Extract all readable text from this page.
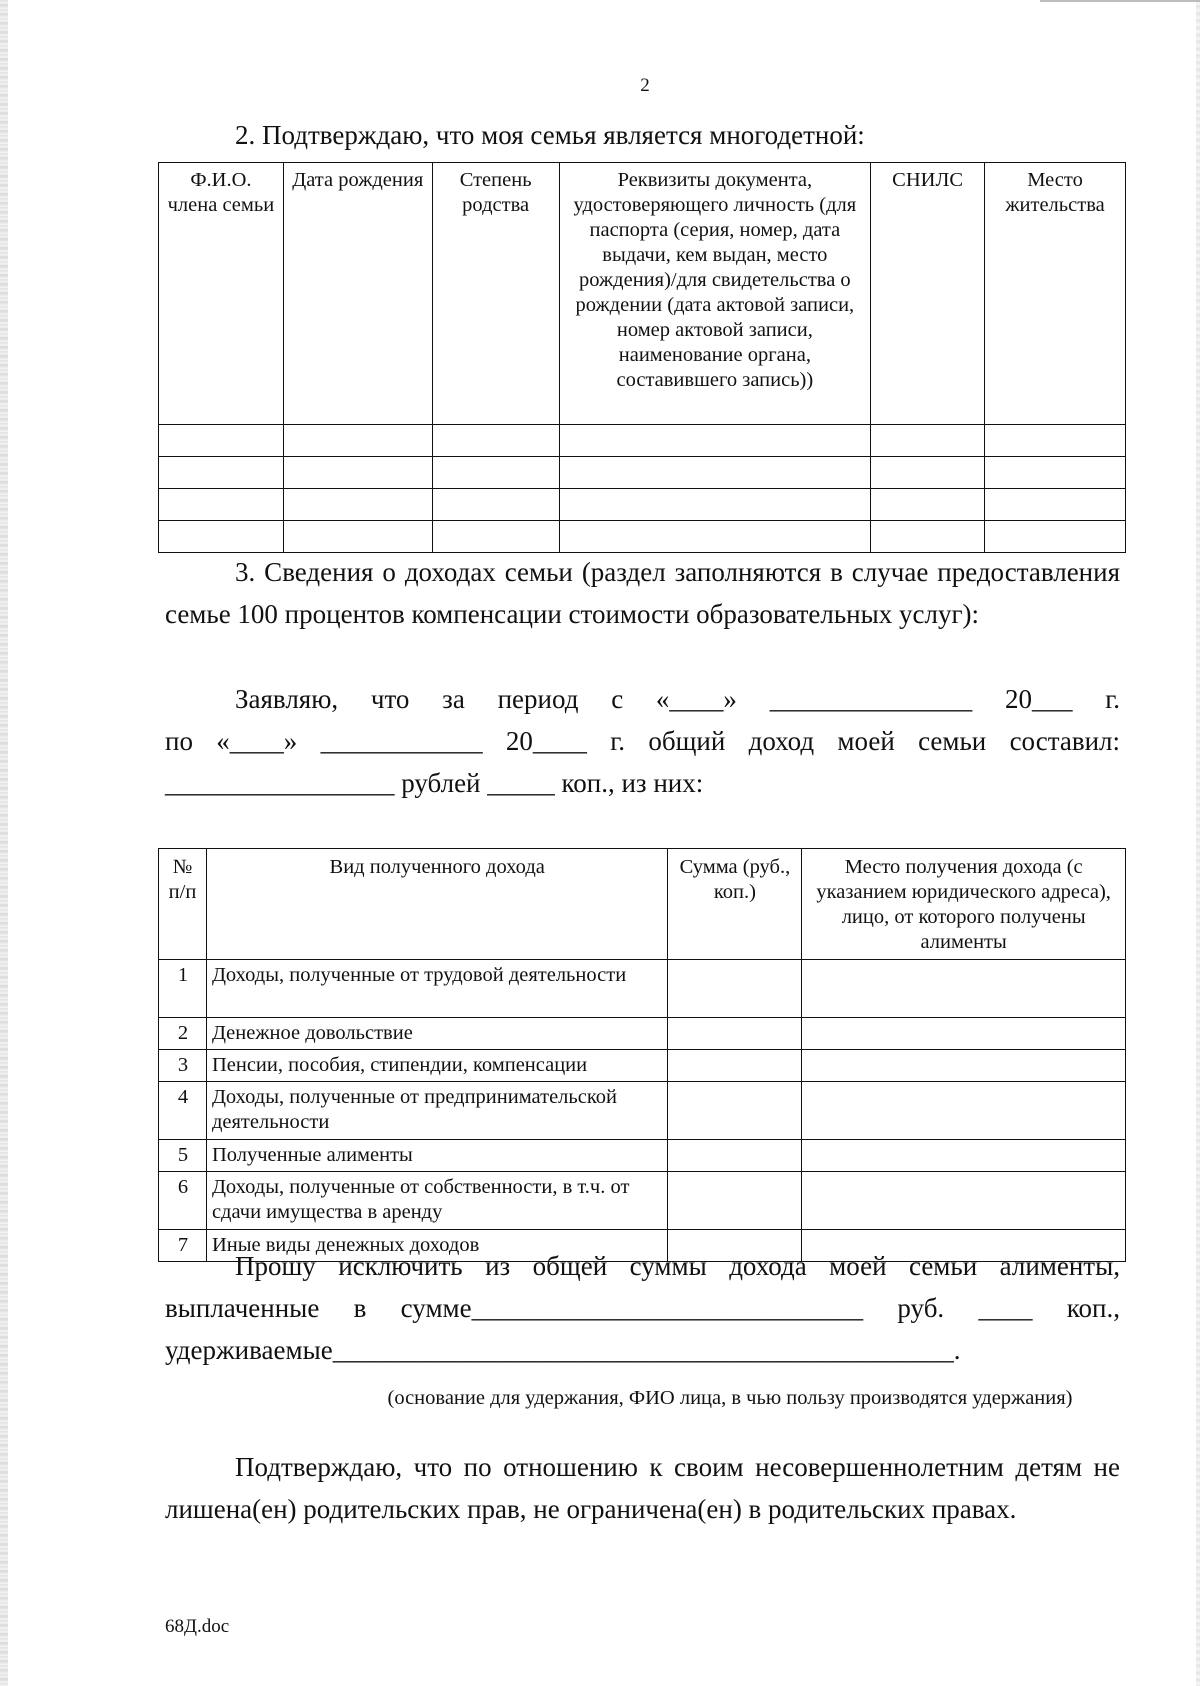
2
2. Подтверждаю, что моя семья является многодетной:
Ф.И.О. члена семьи	Дата рождения	Степень родства	Реквизиты документа, удостоверяющего личность (для паспорта (серия, номер, дата выдачи, кем выдан, место рождения)/для свидетельства о рождении (дата актовой записи, номер актовой записи, наименование органа, составившего запись))	СНИЛС	Место жительства

3. Сведения о доходах семьи (раздел заполняются в случае предоставления семье 100 процентов компенсации стоимости образовательных услуг):
Заявляю, что за период с «____» _______________ 20___ г.
по «____» ____________ 20____ г. общий доход моей семьи составил:
_________________ рублей _____ коп., из них:
№ п/п	Вид полученного дохода	Сумма (руб., коп.)	Место получения дохода (с указанием юридического адреса), лицо, от которого получены алименты
1	Доходы, полученные от трудовой деятельности		
2	Денежное довольствие		
3	Пенсии, пособия, стипендии, компенсации		
4	Доходы, полученные от предпринимательской деятельности		
5	Полученные алименты		
6	Доходы, полученные от собственности, в т.ч. от сдачи имущества в аренду		
7	Иные виды денежных доходов		
Прошу исключить из общей суммы дохода моей семьи алименты,
выплаченные в сумме_____________________________ руб. ____ коп.,
удерживаемые______________________________________________.
(основание для удержания, ФИО лица, в чью пользу производятся удержания)
Подтверждаю, что по отношению к своим несовершеннолетним детям не лишена(ен) родительских прав, не ограничена(ен) в родительских правах.
68Д.doc
